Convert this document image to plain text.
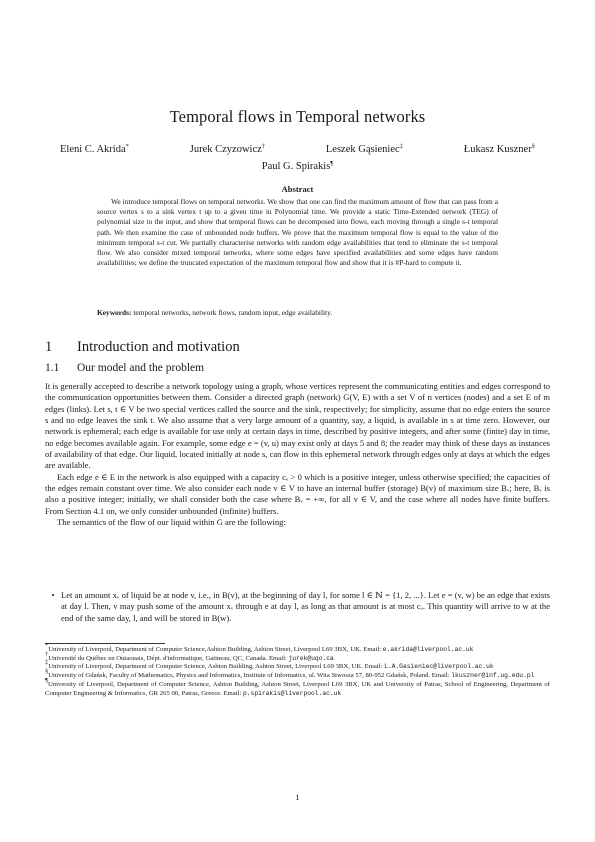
Temporal flows in Temporal networks
Eleni C. Akrida*	Jurek Czyzowicz†	Leszek Gąsieniec‡	Łukasz Kuszner§
Paul G. Spirakis¶
Abstract
We introduce temporal flows on temporal networks. We show that one can find the maximum amount of flow that can pass from a source vertex s to a sink vertex t up to a given time in Polynomial time. We provide a static Time-Extended network (TEG) of polynomial size to the input, and show that temporal flows can be decomposed into flows, each moving through a single s-t temporal path. We then examine the case of unbounded node buffers. We prove that the maximum temporal flow is equal to the value of the minimum temporal s-t cut. We partially characterise networks with random edge availabilities that tend to eliminate the s-t temporal flow. We also consider mixed temporal networks, where some edges have specified availabilities and some edges have random availabilities; we define the truncated expectation of the maximum temporal flow and show that it is #P-hard to compute it.
Keywords: temporal networks, network flows, random input, edge availability.
1 Introduction and motivation
1.1 Our model and the problem

It is generally accepted to describe a network topology using a graph, whose vertices represent the communicating entities and edges correspond to the communication opportunities between them. Consider a directed graph (network) G(V, E) with a set V of n vertices (nodes) and a set E of m edges (links). Let s, t ∈ V be two special vertices called the source and the sink, respectively; for simplicity, assume that no edge enters the source s and no edge leaves the sink t. We also assume that a very large amount of a quantity, say, a liquid, is available in s at time zero. However, our network is ephemeral; each edge is available for use only at certain days in time, described by positive integers, and after some (finite) day in time, no edge becomes available again. For example, some edge e = (v, u) may exist only at days 5 and 8; the reader may think of these days as instances of availability of that edge. Our liquid, located initially at node s, can flow in this ephemeral network through edges only at days at which the edges are available.

Each edge e ∈ E in the network is also equipped with a capacity cₑ > 0 which is a positive integer, unless otherwise specified; the capacities of the edges remain constant over time. We also consider each node v ∈ V to have an internal buffer (storage) B(v) of maximum size Bᵥ; here, Bᵥ is also a positive integer; initially, we shall consider both the case where Bᵥ = +∞, for all v ∈ V, and the case where all nodes have finite buffers. From Section 4.1 on, we only consider unbounded (infinite) buffers.

The semantics of the flow of our liquid within G are the following:

• Let an amount xᵥ of liquid be at node v, i.e., in B(v), at the beginning of day l, for some l ∈ ℕ = {1, 2, ...}. Let e = (v, w) be an edge that exists at day l. Then, v may push some of the amount xᵥ through e at day l, as long as that amount is at most cₑ. This quantity will arrive to w at the end of the same day, l, and will be stored in B(w).

*University of Liverpool, Department of Computer Science,Ashton Building, Ashton Street, Liverpool L69 3BX, UK. Email: e.akrida@liverpool.ac.uk

†Université du Québec en Outaouais, Dépt. d'informatique, Gatineau, QC, Canada. Email: jurek@uqo.ca

‡University of Liverpool, Department of Computer Science, Ashton Building, Ashton Street, Liverpool L69 3BX, UK. Email: L.A.Gasieniec@liverpool.ac.uk

§University of Gdańsk, Faculty of Mathematics, Physics and Informatics, Institute of Informatics, ul. Wita Stwosza 57, 80-952 Gdańsk, Poland. Email: lkuszner@inf.ug.edu.pl

¶University of Liverpool, Department of Computer Science, Ashton Building, Ashton Street, Liverpool L69 3BX, UK and University of Patras, School of Engineering, Department of Computer Engineering & Informatics, GR 265 00, Patras, Greece. Email: p.spirakis@liverpool.ac.uk

1
